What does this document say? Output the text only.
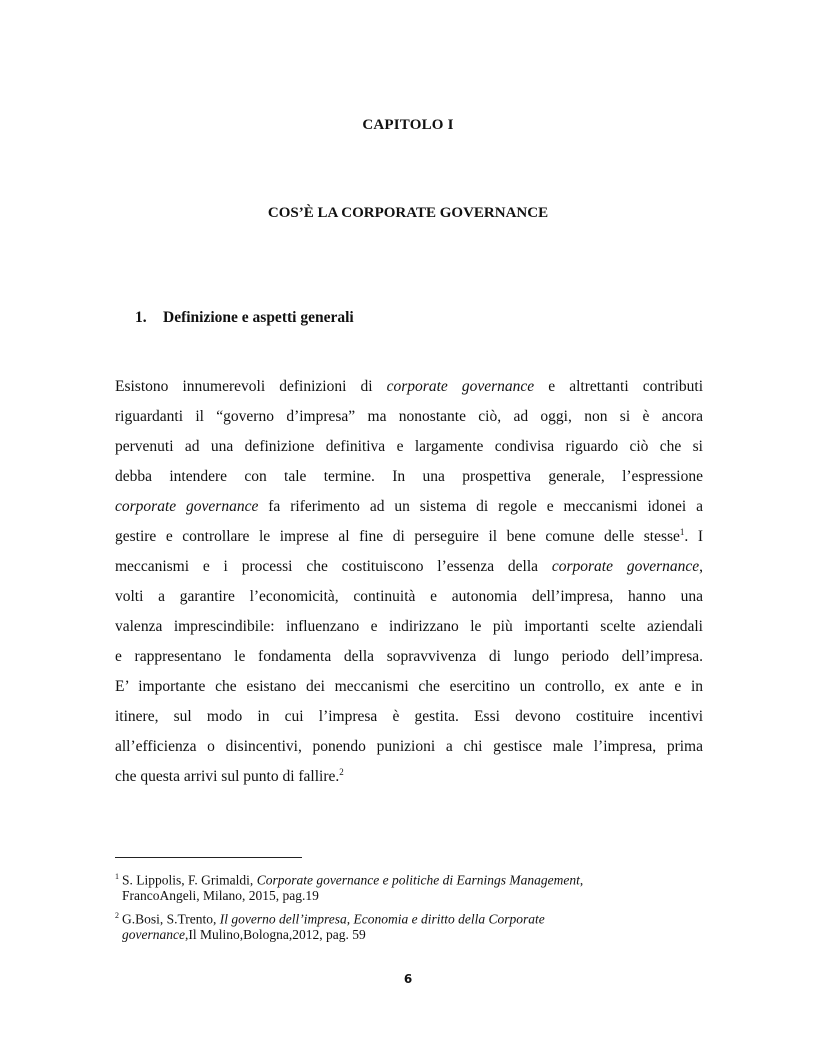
CAPITOLO I
COS’È LA CORPORATE GOVERNANCE
1. Definizione e aspetti generali
Esistono innumerevoli definizioni di corporate governance e altrettanti contributi
riguardanti il “governo d’impresa” ma nonostante ciò, ad oggi, non si è ancora
pervenuti ad una definizione definitiva e largamente condivisa riguardo ciò che si
debba intendere con tale termine. In una prospettiva generale, l’espressione
corporate governance fa riferimento ad un sistema di regole e meccanismi idonei a
gestire e controllare le imprese al fine di perseguire il bene comune delle stesse$^1$. I
meccanismi e i processi che costituiscono l’essenza della corporate governance,
volti a garantire l’economicità, continuità e autonomia dell’impresa, hanno una
valenza imprescindibile: influenzano e indirizzano le più importanti scelte aziendali
e rappresentano le fondamenta della sopravvivenza di lungo periodo dell’impresa.
E’ importante che esistano dei meccanismi che esercitino un controllo, ex ante e in
itinere, sul modo in cui l’impresa è gestita. Essi devono costituire incentivi
all’efficienza o disincentivi, ponendo punizioni a chi gestisce male l’impresa, prima
che questa arrivi sul punto di fallire.$^2$
$^1$ S. Lippolis, F. Grimaldi, Corporate governance e politiche di Earnings Management,
FrancoAngeli, Milano, 2015, pag.19
$^2$ G.Bosi, S.Trento, Il governo dell’impresa, Economia e diritto della Corporate
governance,Il Mulino,Bologna,2012, pag. 59
6
